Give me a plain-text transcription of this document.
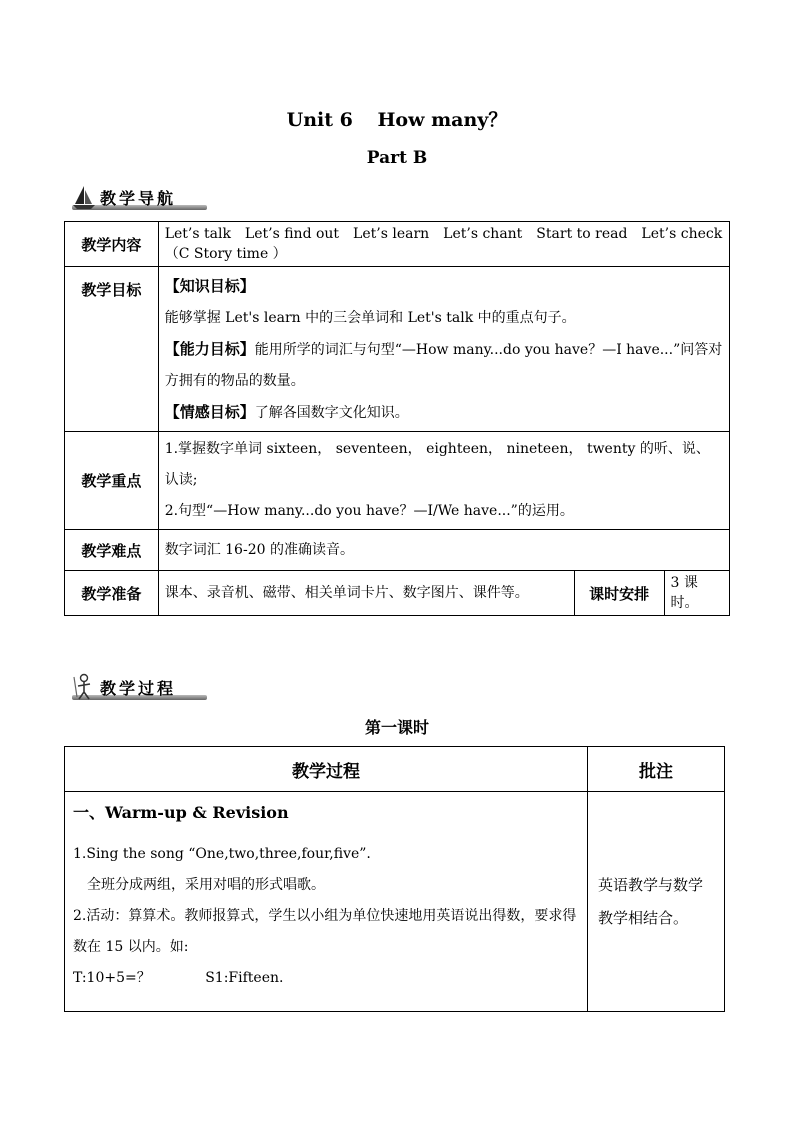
Unit 6 How many？
Part B
教学导航
教学内容	Let’s talk　Let’s find out　Let’s learn　Let’s chant　Start to read　Let’s check （C Story time ）		
教学目标	【知识目标】
能够掌握 Let's learn 中的三会单词和 Let's talk 中的重点句子。
【能力目标】能用所学的词汇与句型“—How many...do you have？—I have...”问答对方拥有的物品的数量。
【情感目标】了解各国数字文化知识。		

教学重点	1.掌握数字单词 sixteen， seventeen， eighteen， nineteen， twenty 的听、说、认读;
2.句型“—How many...do you have？—I/We have...”的运用。		

教学难点	数字词汇 16-20 的准确读音。		
教学准备	课本、录音机、磁带、相关单词卡片、数字图片、课件等。	课时安排	3 课时。
教学过程
第一课时
教学过程	批注

一、Warm-up & Revision
1.Sing the song “One,two,three,four,five”.
全班分成两组，采用对唱的形式唱歌。
2.活动：算算术。教师报算式，学生以小组为单位快速地用英语说出得数，要求得数在 15 以内。如:
T:10+5=？ S1:Fifteen.	英语教学与数学教学相结合。
